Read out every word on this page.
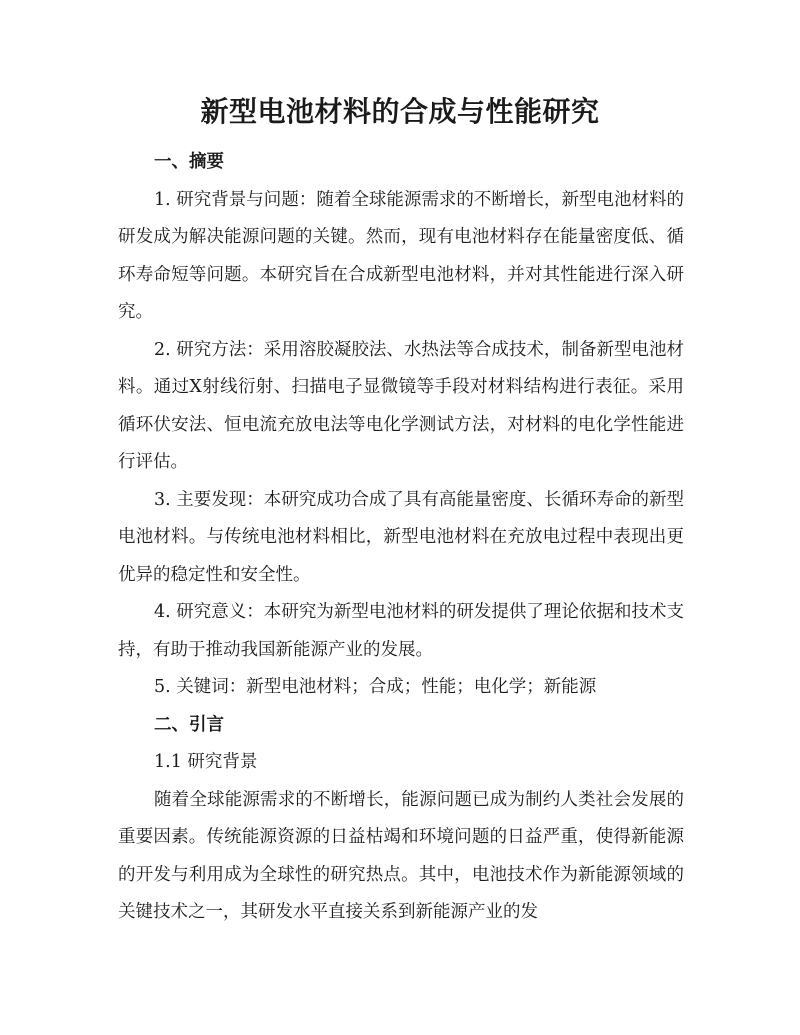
新型电池材料的合成与性能研究

一、摘要

1. 研究背景与问题：随着全球能源需求的不断增长，新型电池材料的研发成为解决能源问题的关键。然而，现有电池材料存在能量密度低、循环寿命短等问题。本研究旨在合成新型电池材料，并对其性能进行深入研究。

2. 研究方法：采用溶胶凝胶法、水热法等合成技术，制备新型电池材料。通过X射线衍射、扫描电子显微镜等手段对材料结构进行表征。采用循环伏安法、恒电流充放电法等电化学测试方法，对材料的电化学性能进行评估。

3. 主要发现：本研究成功合成了具有高能量密度、长循环寿命的新型电池材料。与传统电池材料相比，新型电池材料在充放电过程中表现出更优异的稳定性和安全性。

4. 研究意义：本研究为新型电池材料的研发提供了理论依据和技术支持，有助于推动我国新能源产业的发展。

5. 关键词：新型电池材料；合成；性能；电化学；新能源

二、引言

1.1 研究背景

随着全球能源需求的不断增长，能源问题已成为制约人类社会发展的重要因素。传统能源资源的日益枯竭和环境问题的日益严重，使得新能源的开发与利用成为全球性的研究热点。其中，电池技术作为新能源领域的关键技术之一，其研发水平直接关系到新能源产业的发
